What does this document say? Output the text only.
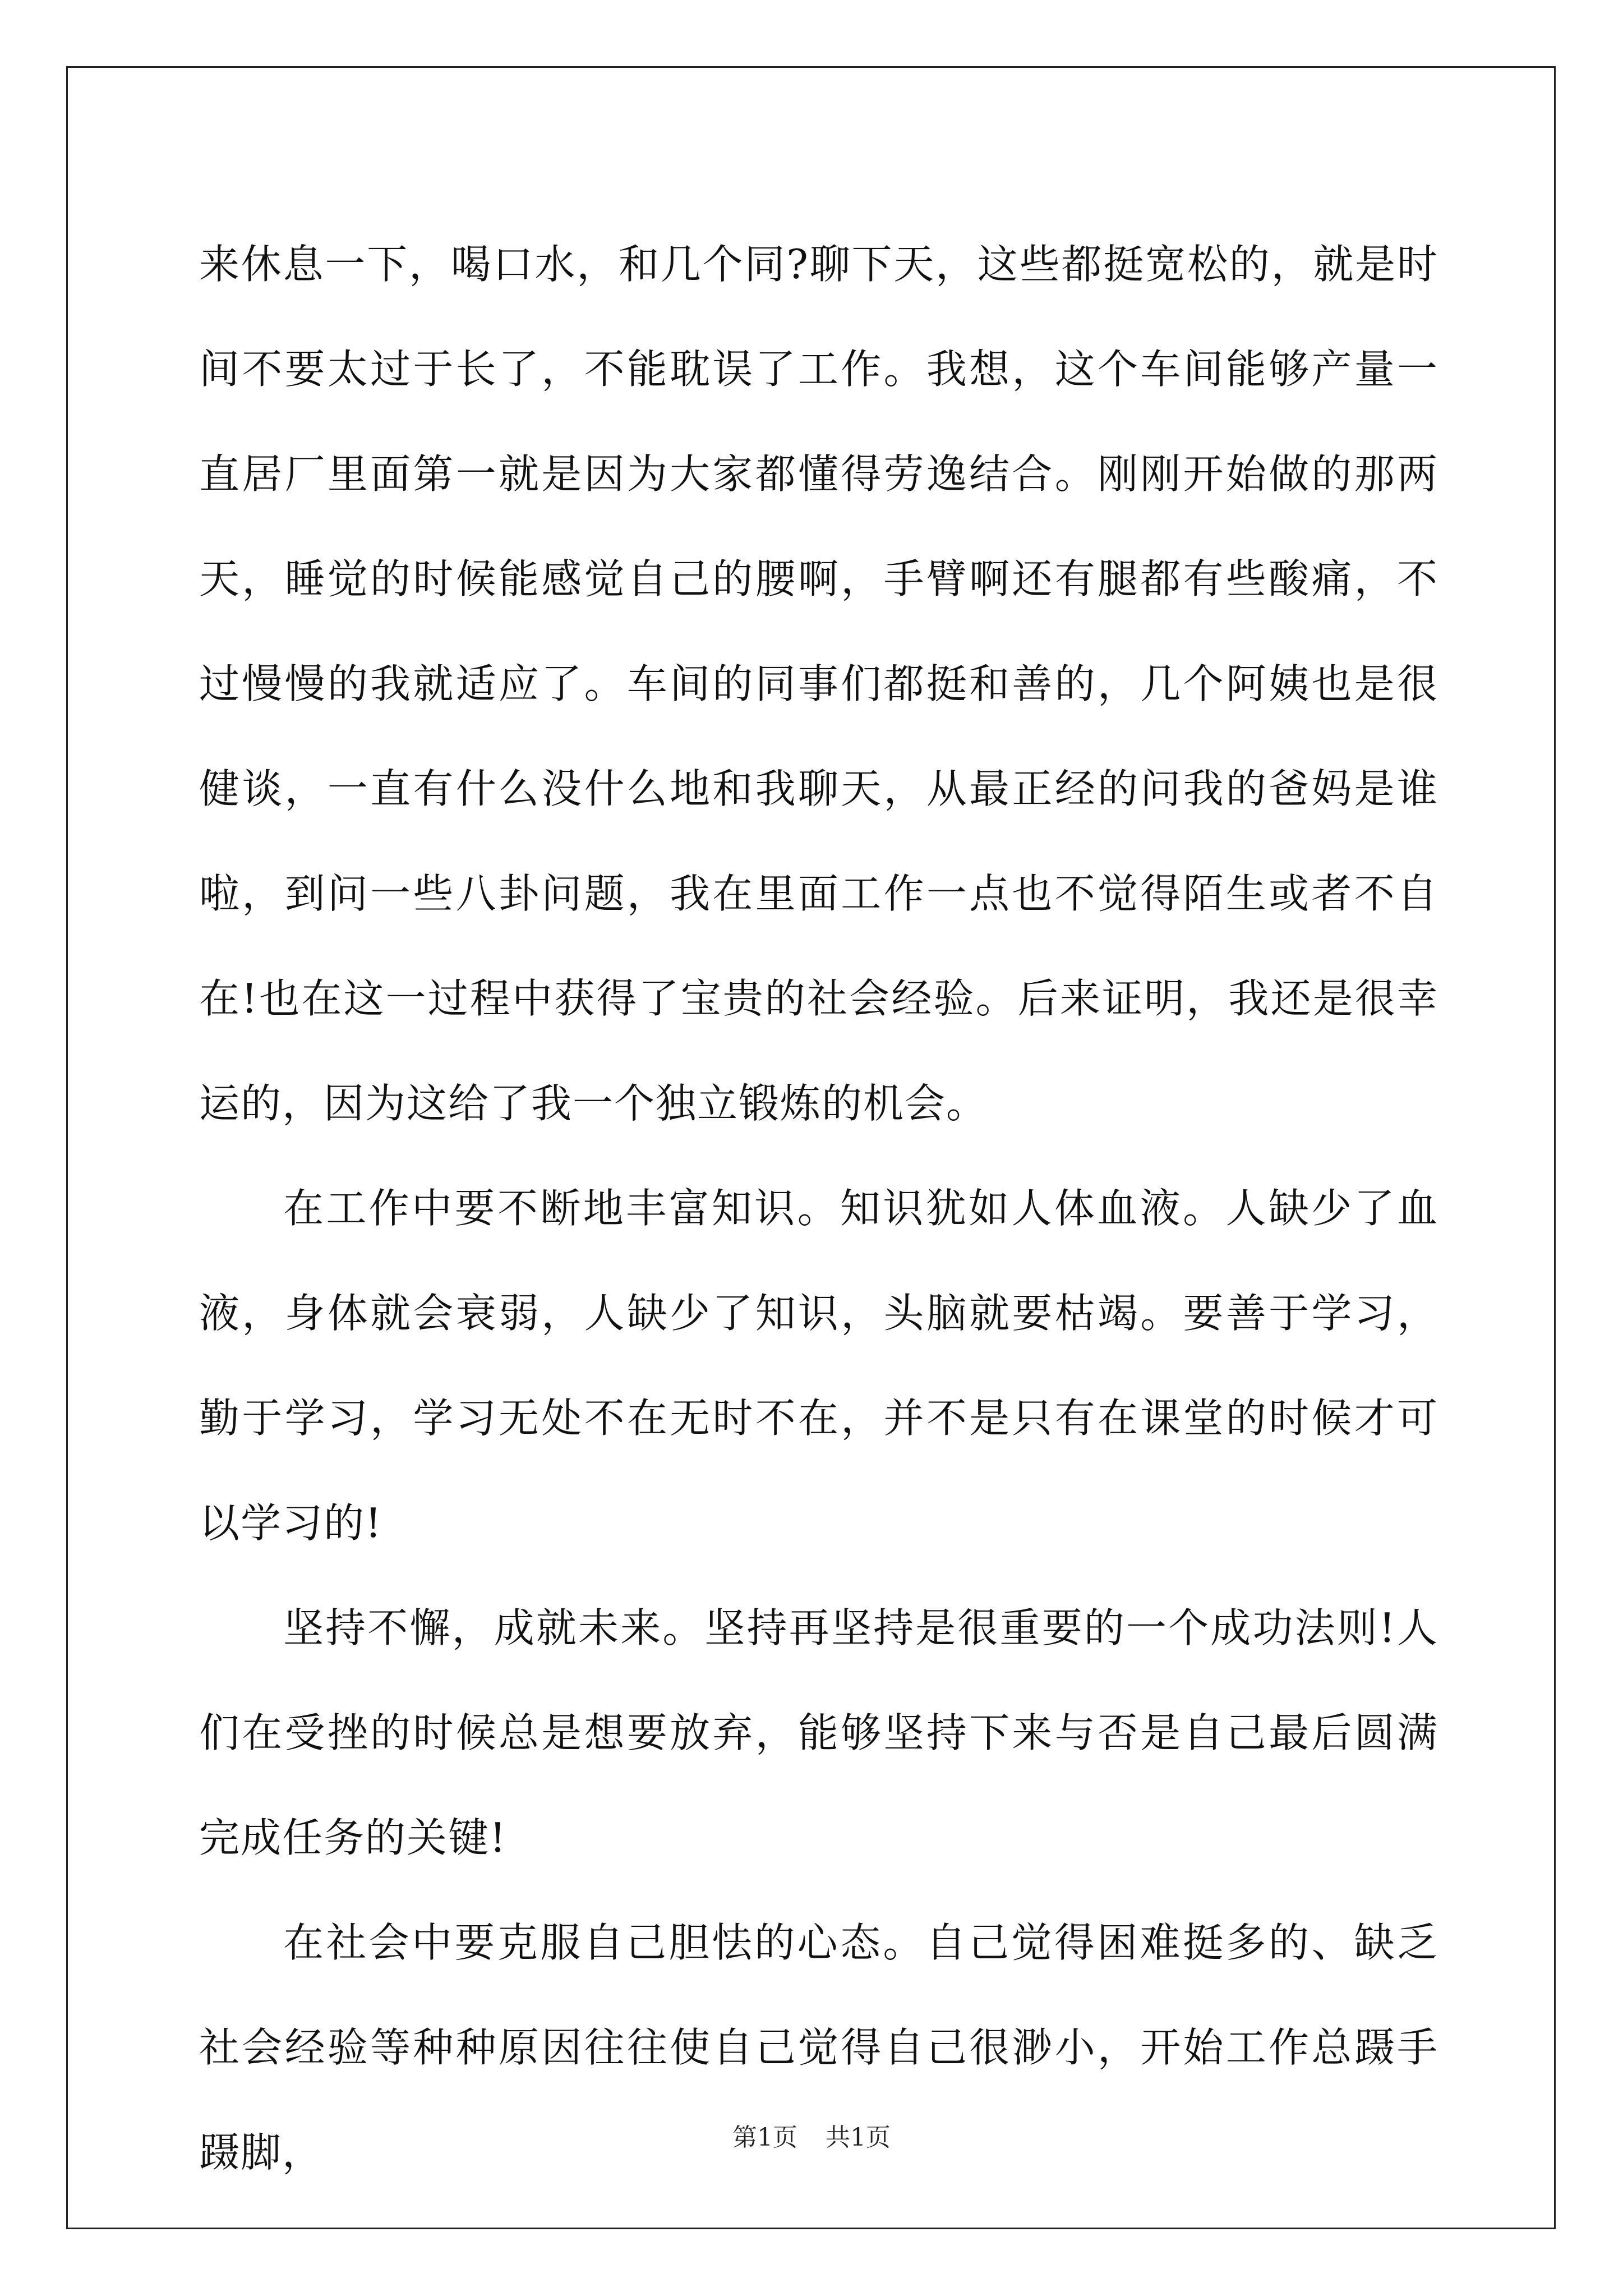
来休息一下，喝口水，和几个同?聊下天，这些都挺宽松的，就是时间不要太过于长了，不能耽误了工作。我想，这个车间能够产量一直居厂里面第一就是因为大家都懂得劳逸结合。刚刚开始做的那两天，睡觉的时候能感觉自己的腰啊，手臂啊还有腿都有些酸痛，不过慢慢的我就适应了。车间的同事们都挺和善的，几个阿姨也是很健谈，一直有什么没什么地和我聊天，从最正经的问我的爸妈是谁啦，到问一些八卦问题，我在里面工作一点也不觉得陌生或者不自在!也在这一过程中获得了宝贵的社会经验。后来证明，我还是很幸运的，因为这给了我一个独立锻炼的机会。

在工作中要不断地丰富知识。知识犹如人体血液。人缺少了血液，身体就会衰弱，人缺少了知识，头脑就要枯竭。要善于学习，勤于学习，学习无处不在无时不在，并不是只有在课堂的时候才可以学习的!

坚持不懈，成就未来。坚持再坚持是很重要的一个成功法则!人们在受挫的时候总是想要放弃，能够坚持下来与否是自己最后圆满完成任务的关键!

在社会中要克服自己胆怯的心态。自己觉得困难挺多的、缺乏社会经验等种种原因往往使自己觉得自己很渺小，开始工作总蹑手蹑脚，	第1页 共1页
